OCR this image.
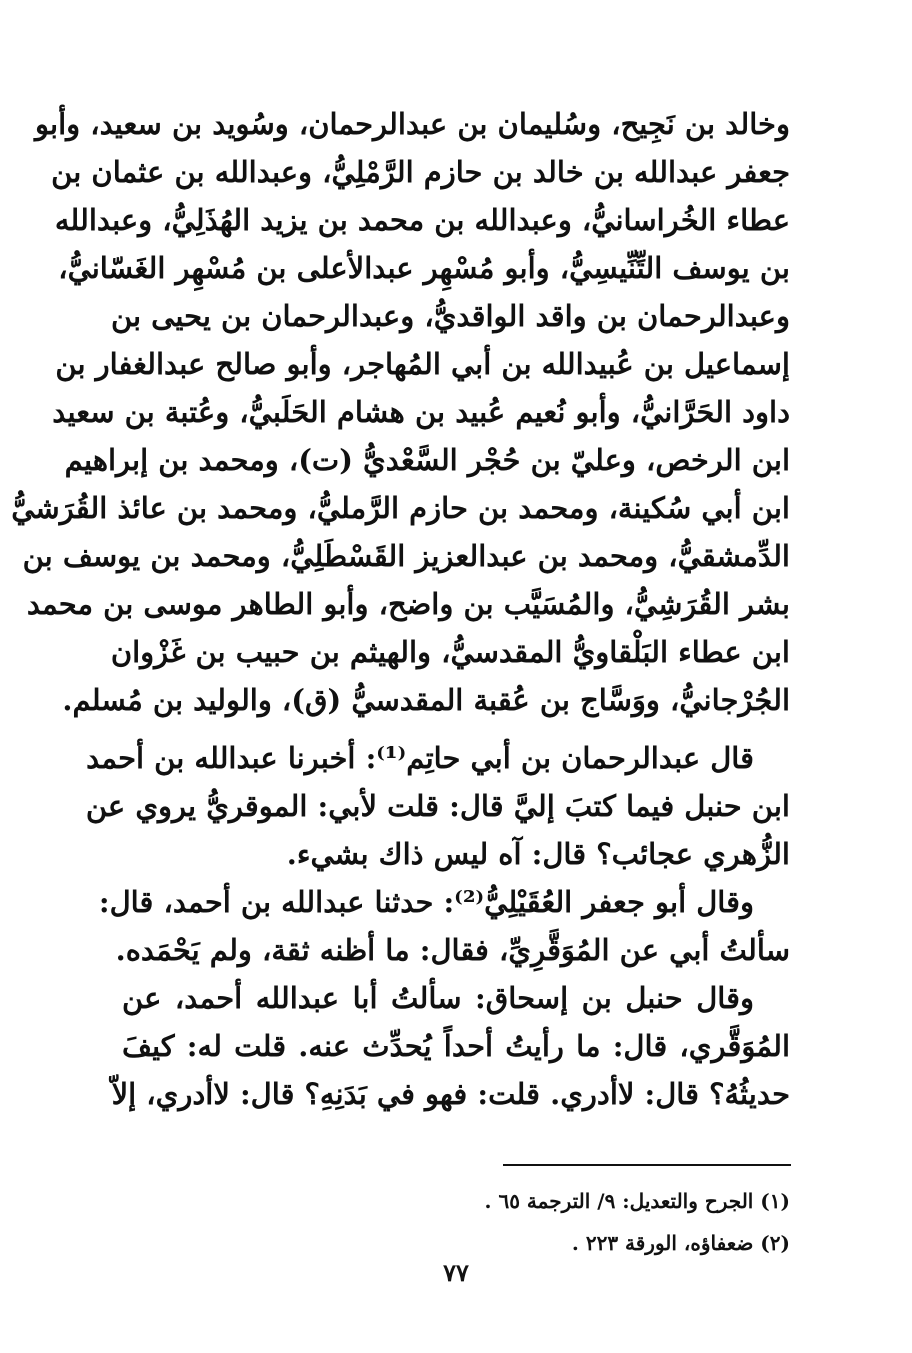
وخالد بن نَجِيح، وسُليمان بن عبدالرحمان، وسُويد بن سعيد، وأبو
جعفر عبدالله بن خالد بن حازم الرَّمْلِيُّ، وعبدالله بن عثمان بن
عطاء الخُراسانيُّ، وعبدالله بن محمد بن يزيد الهُذَلِيُّ، وعبدالله
بن يوسف التِّنِّيسِيُّ، وأبو مُسْهِر عبدالأعلى بن مُسْهِر الغَسّانيُّ،
وعبدالرحمان بن واقد الواقديُّ، وعبدالرحمان بن يحيى بن
إسماعيل بن عُبيدالله بن أبي المُهاجر، وأبو صالح عبدالغفار بن
داود الحَرَّانيُّ، وأبو نُعيم عُبيد بن هشام الحَلَبيُّ، وعُتبة بن سعيد
ابن الرخص، وعليّ بن حُجْر السَّعْديُّ (ت)، ومحمد بن إبراهيم
ابن أبي سُكينة، ومحمد بن حازم الرَّمليُّ، ومحمد بن عائذ القُرَشيُّ
الدِّمشقيُّ، ومحمد بن عبدالعزيز القَسْطَلِيُّ، ومحمد بن يوسف بن
بشر القُرَشِيُّ، والمُسَيَّب بن واضح، وأبو الطاهر موسى بن محمد
ابن عطاء البَلْقاويُّ المقدسيُّ، والهيثم بن حبيب بن غَزْوان
الجُرْجانيُّ، ووَسَّاج بن عُقبة المقدسيُّ (ق)، والوليد بن مُسلم.
قال عبدالرحمان بن أبي حاتِم⁽¹⁾: أخبرنا عبدالله بن أحمد
ابن حنبل فيما كتبَ إليَّ قال: قلت لأبي: الموقريُّ يروي عن
الزُّهري عجائب؟ قال: آه ليس ذاك بشيء.
وقال أبو جعفر العُقَيْلِيُّ⁽²⁾: حدثنا عبدالله بن أحمد، قال:
سألتُ أبي عن المُوَقَّرِيِّ، فقال: ما أظنه ثقة، ولم يَحْمَده.
وقال حنبل بن إسحاق: سألتُ أبا عبدالله أحمد، عن
المُوَقَّري، قال: ما رأيتُ أحداً يُحدِّث عنه. قلت له: كيفَ
حديثُهُ؟ قال: لاأدري. قلت: فهو في بَدَنِهِ؟ قال: لاأدري، إلاّ
(١) الجرح والتعديل: ٩/ الترجمة ٦٥ .
(٢) ضعفاؤه، الورقة ٢٢٣ .
٧٧
